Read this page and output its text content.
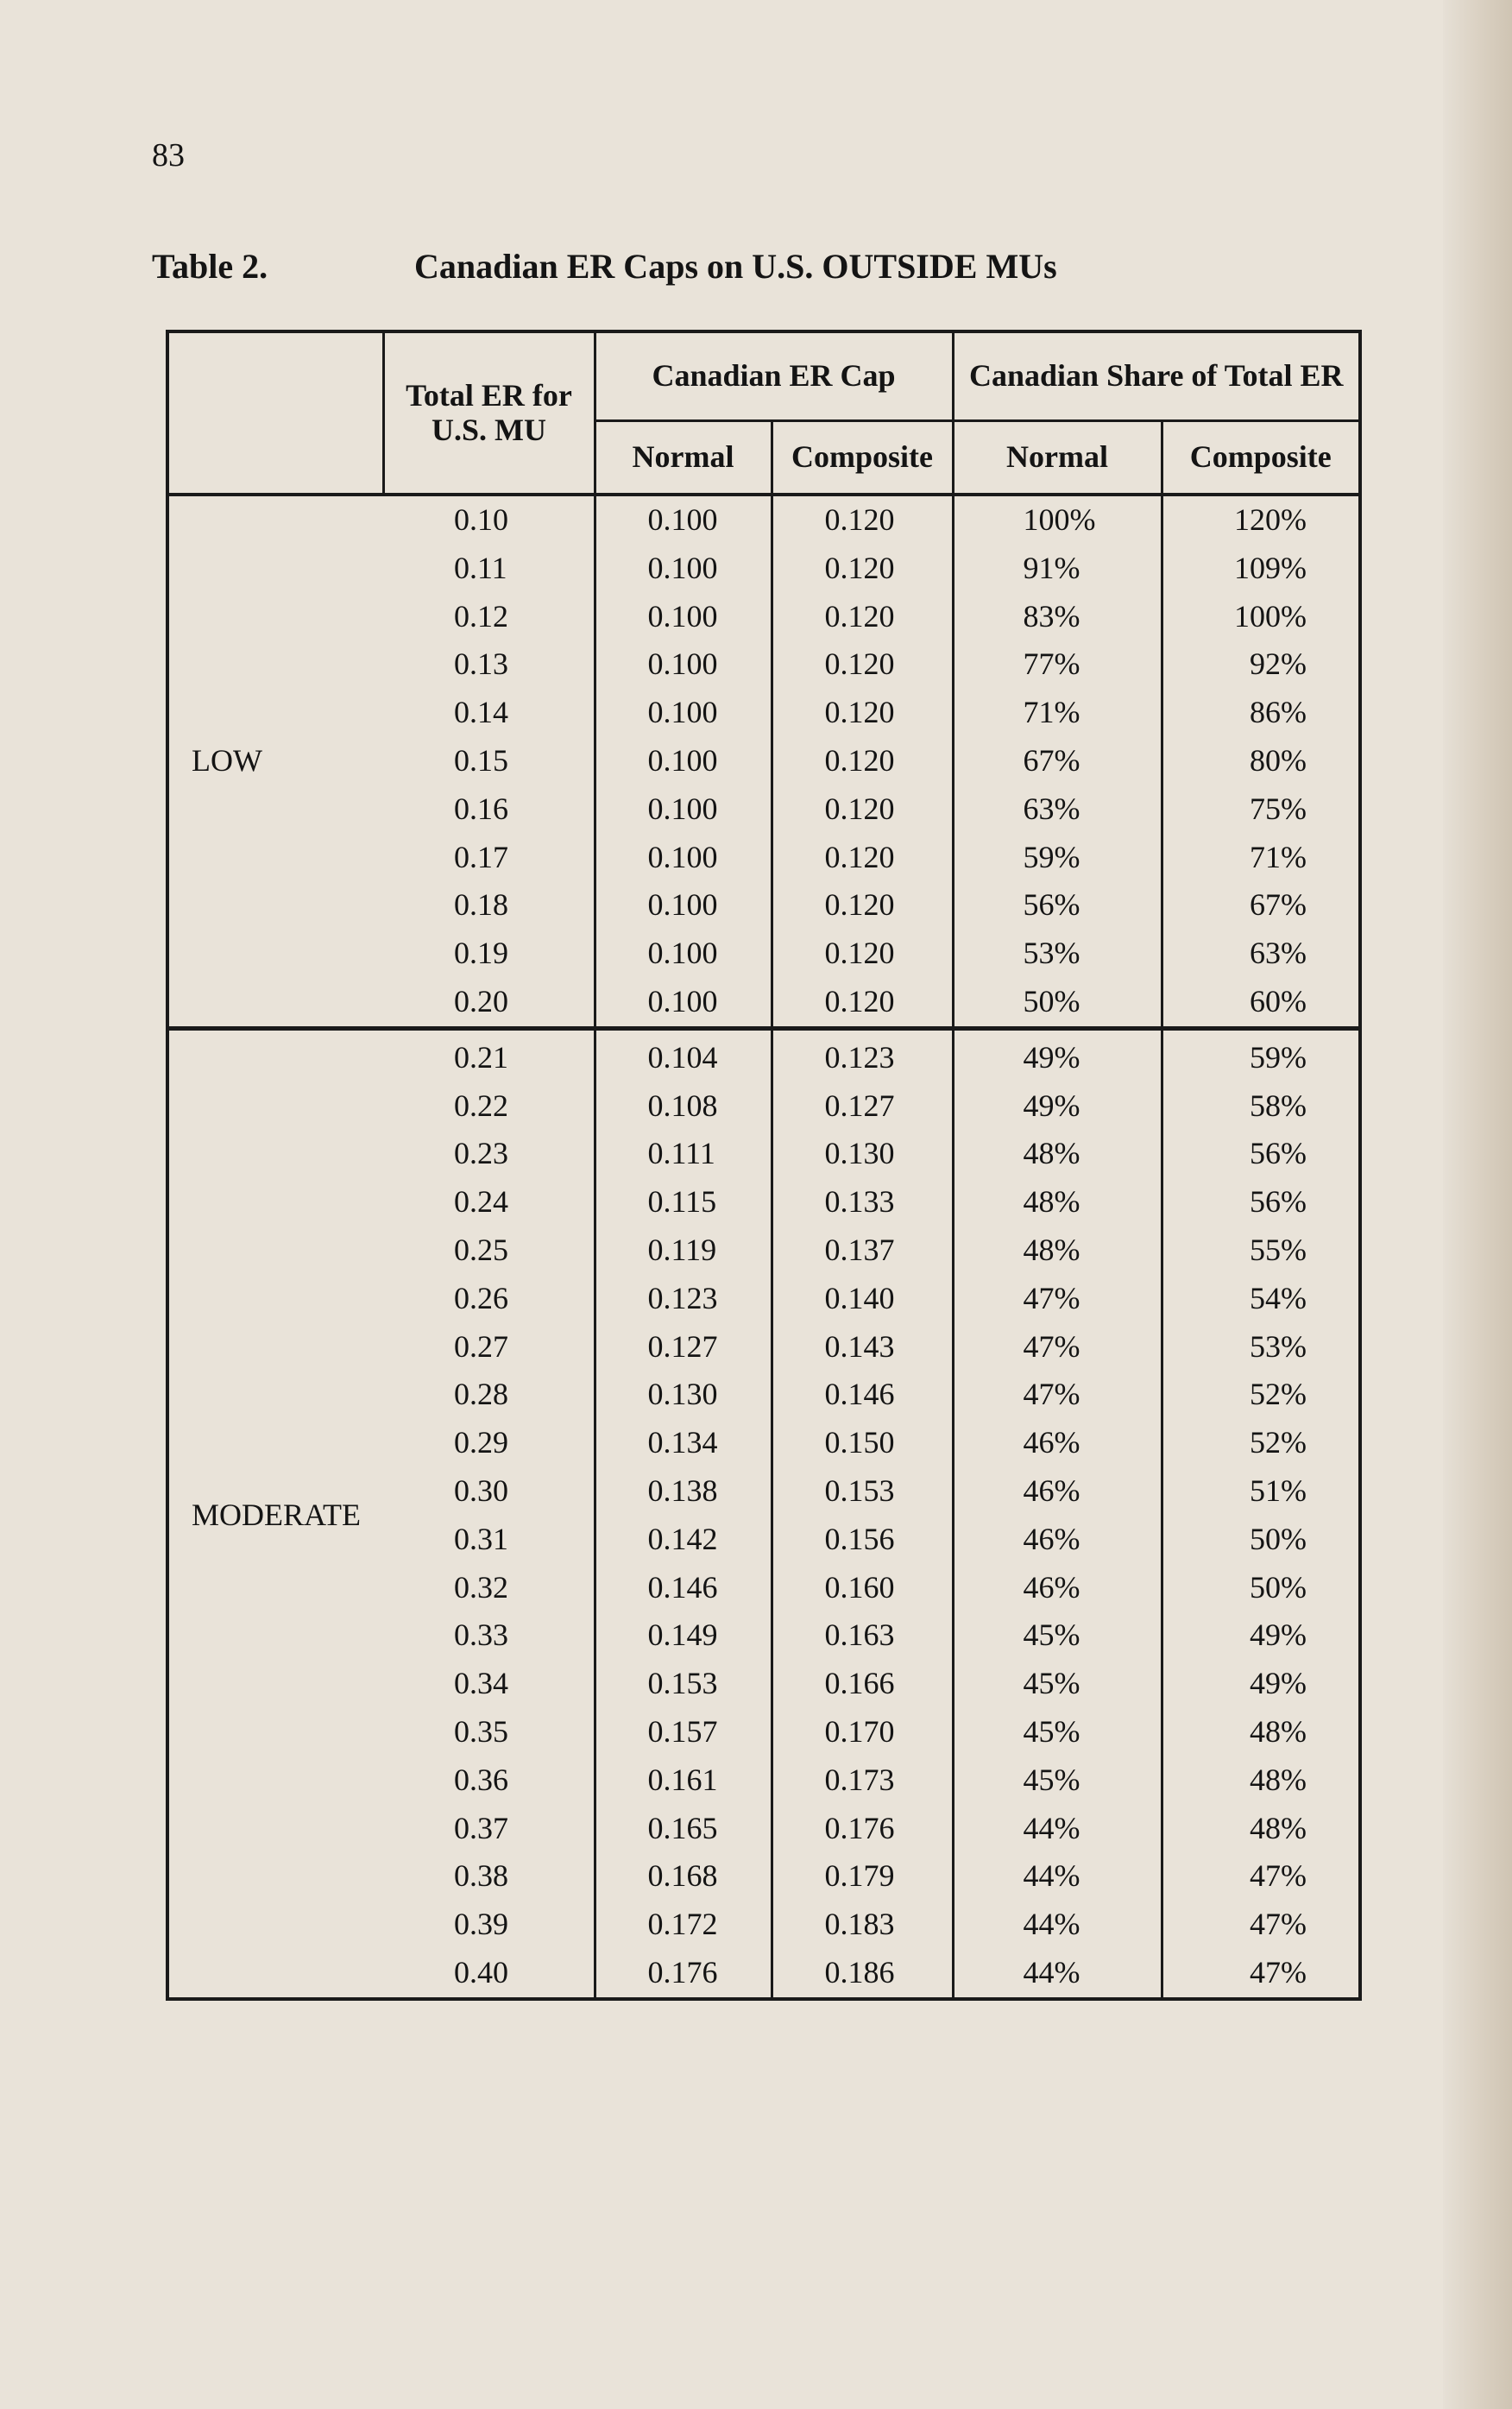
83
Table 2.	Canadian ER Caps on U.S. OUTSIDE MUs
	Total ER for U.S. MU	Canadian ER Cap		Canadian Share of Total ER	
		Normal	Composite	Normal	Composite
LOW	0.10	0.100	0.120	100%	120%
	0.11	0.100	0.120	91%	109%
	0.12	0.100	0.120	83%	100%
	0.13	0.100	0.120	77%	92%
	0.14	0.100	0.120	71%	86%
	0.15	0.100	0.120	67%	80%
	0.16	0.100	0.120	63%	75%
	0.17	0.100	0.120	59%	71%
	0.18	0.100	0.120	56%	67%
	0.19	0.100	0.120	53%	63%
	0.20	0.100	0.120	50%	60%
MODERATE	0.21	0.104	0.123	49%	59%
	0.22	0.108	0.127	49%	58%
	0.23	0.111	0.130	48%	56%
	0.24	0.115	0.133	48%	56%
	0.25	0.119	0.137	48%	55%
	0.26	0.123	0.140	47%	54%
	0.27	0.127	0.143	47%	53%
	0.28	0.130	0.146	47%	52%
	0.29	0.134	0.150	46%	52%
	0.30	0.138	0.153	46%	51%
	0.31	0.142	0.156	46%	50%
	0.32	0.146	0.160	46%	50%
	0.33	0.149	0.163	45%	49%
	0.34	0.153	0.166	45%	49%
	0.35	0.157	0.170	45%	48%
	0.36	0.161	0.173	45%	48%
	0.37	0.165	0.176	44%	48%
	0.38	0.168	0.179	44%	47%
	0.39	0.172	0.183	44%	47%
	0.40	0.176	0.186	44%	47%
